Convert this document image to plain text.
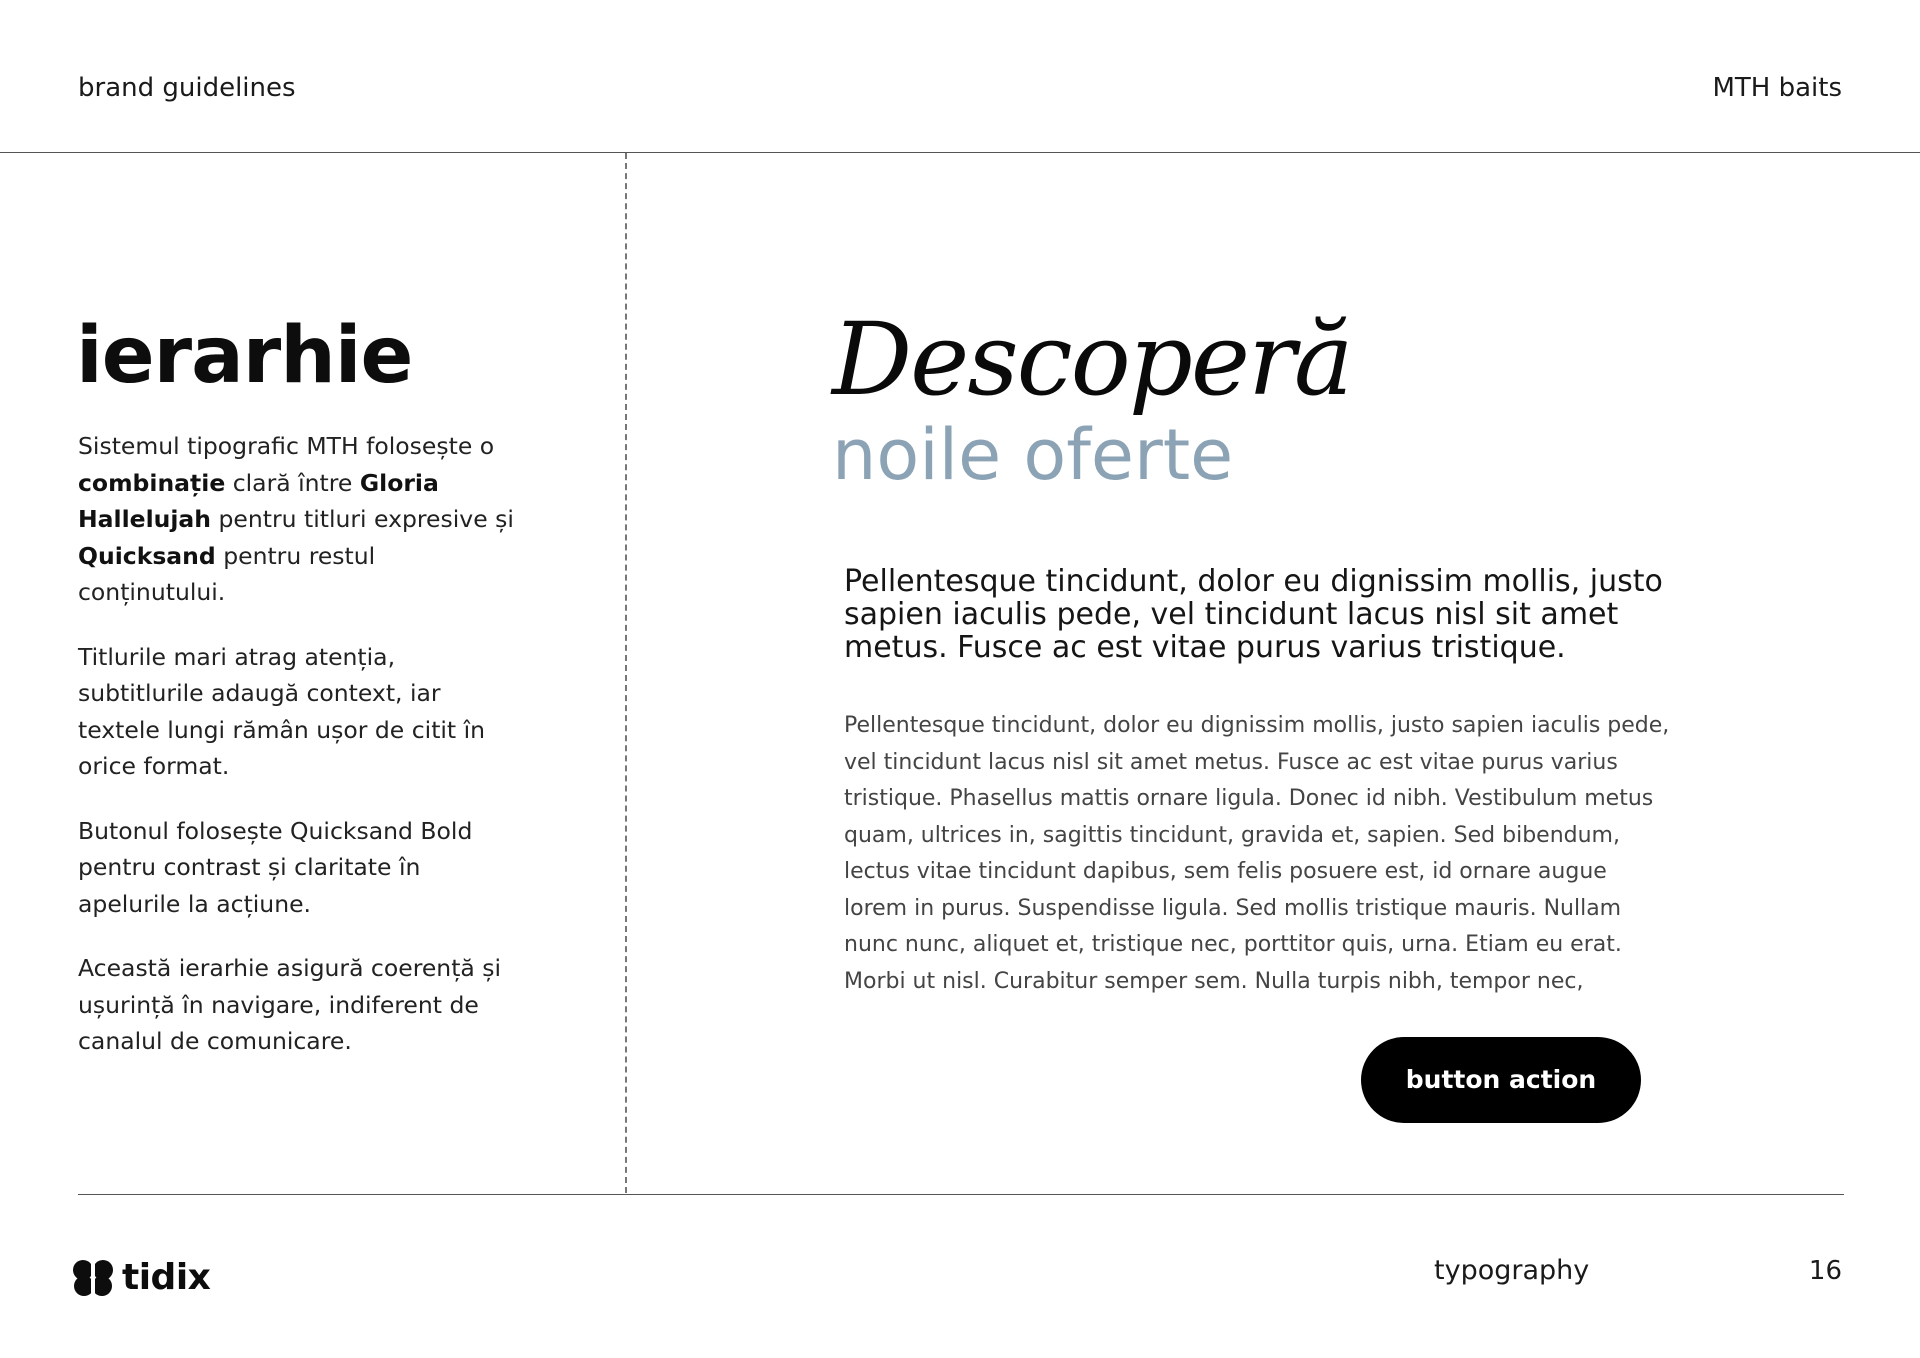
brand guidelines	MTH baits
ierarhie

Sistemul tipografic MTH folosește o combinație clară între Gloria Hallelujah pentru titluri expresive și Quicksand pentru restul conținutului.

Titlurile mari atrag atenția, subtitlurile adaugă context, iar textele lungi rămân ușor de citit în orice format.

Butonul folosește Quicksand Bold pentru contrast și claritate în apelurile la acțiune.

Această ierarhie asigură coerență și ușurință în navigare, indiferent de canalul de comunicare.

Descoperă
noile oferte
Pellentesque tincidunt, dolor eu dignissim mollis, justo sapien iaculis pede, vel tincidunt lacus nisl sit amet metus. Fusce ac est vitae purus varius tristique.
Pellentesque tincidunt, dolor eu dignissim mollis, justo sapien iaculis pede, vel tincidunt lacus nisl sit amet metus. Fusce ac est vitae purus varius tristique. Phasellus mattis ornare ligula. Donec id nibh. Vestibulum metus quam, ultrices in, sagittis tincidunt, gravida et, sapien. Sed bibendum, lectus vitae tincidunt dapibus, sem felis posuere est, id ornare augue lorem in purus. Suspendisse ligula. Sed mollis tristique mauris. Nullam nunc nunc, aliquet et, tristique nec, porttitor quis, urna. Etiam eu erat. Morbi ut nisl. Curabitur semper sem. Nulla turpis nibh, tempor nec,
button action
tidix	typography	16
